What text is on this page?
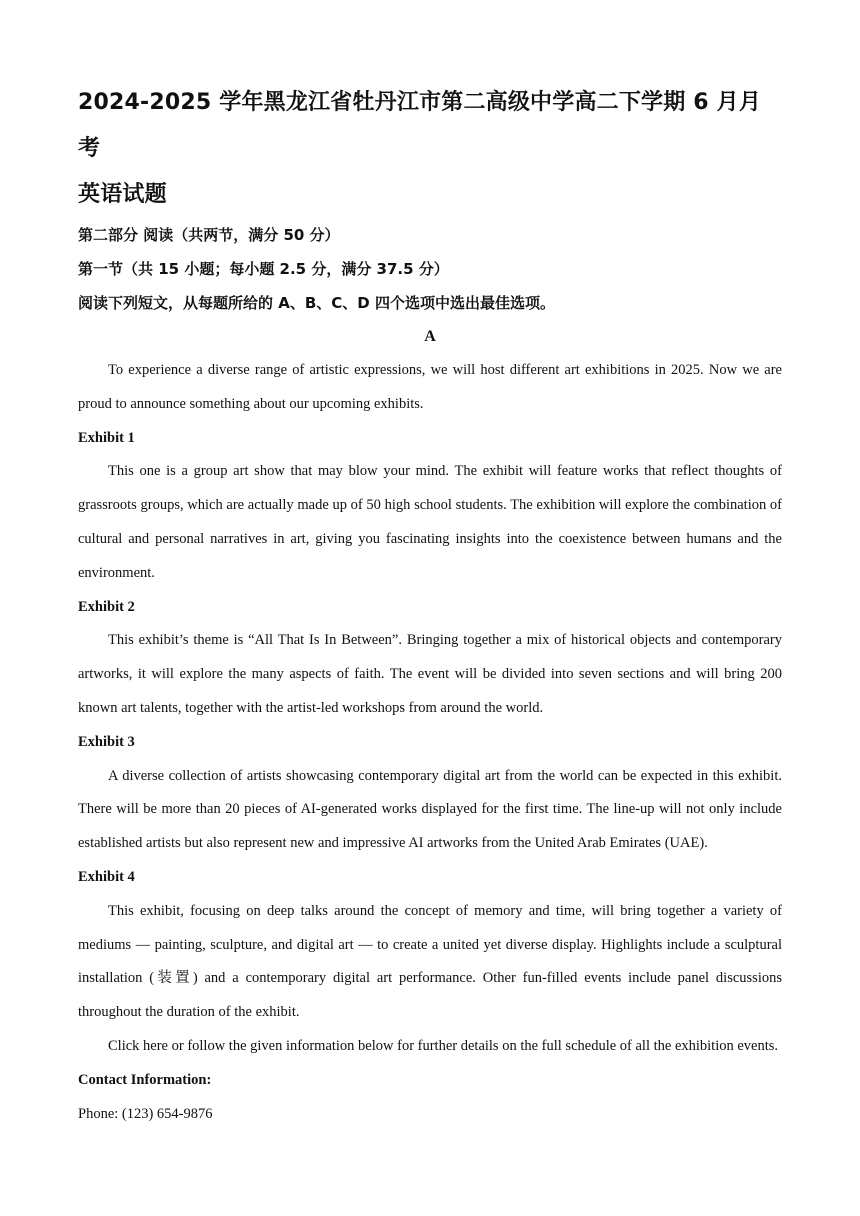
2024-2025 学年黑龙江省牡丹江市第二高级中学高二下学期 6 月月考

英语试题

第二部分 阅读（共两节，满分 50 分）

第一节（共 15 小题；每小题 2.5 分，满分 37.5 分）

阅读下列短文，从每题所给的 A、B、C、D 四个选项中选出最佳选项。

A

To experience a diverse range of artistic expressions, we will host different art exhibitions in 2025. Now we are proud to announce something about our upcoming exhibits.

Exhibit 1

This one is a group art show that may blow your mind. The exhibit will feature works that reflect thoughts of grassroots groups, which are actually made up of 50 high school students. The exhibition will explore the combination of cultural and personal narratives in art, giving you fascinating insights into the coexistence between humans and the environment.

Exhibit 2

This exhibit’s theme is “All That Is In Between”. Bringing together a mix of historical objects and contemporary artworks, it will explore the many aspects of faith. The event will be divided into seven sections and will bring 200 known art talents, together with the artist-led workshops from around the world.

Exhibit 3

A diverse collection of artists showcasing contemporary digital art from the world can be expected in this exhibit. There will be more than 20 pieces of AI-generated works displayed for the first time. The line-up will not only include established artists but also represent new and impressive AI artworks from the United Arab Emirates (UAE).

Exhibit 4

This exhibit, focusing on deep talks around the concept of memory and time, will bring together a variety of mediums — painting, sculpture, and digital art — to create a united yet diverse display. Highlights include a sculptural installation (装置) and a contemporary digital art performance. Other fun-filled events include panel discussions throughout the duration of the exhibit.

Click here or follow the given information below for further details on the full schedule of all the exhibition events.

Contact Information:

Phone: (123) 654-9876
